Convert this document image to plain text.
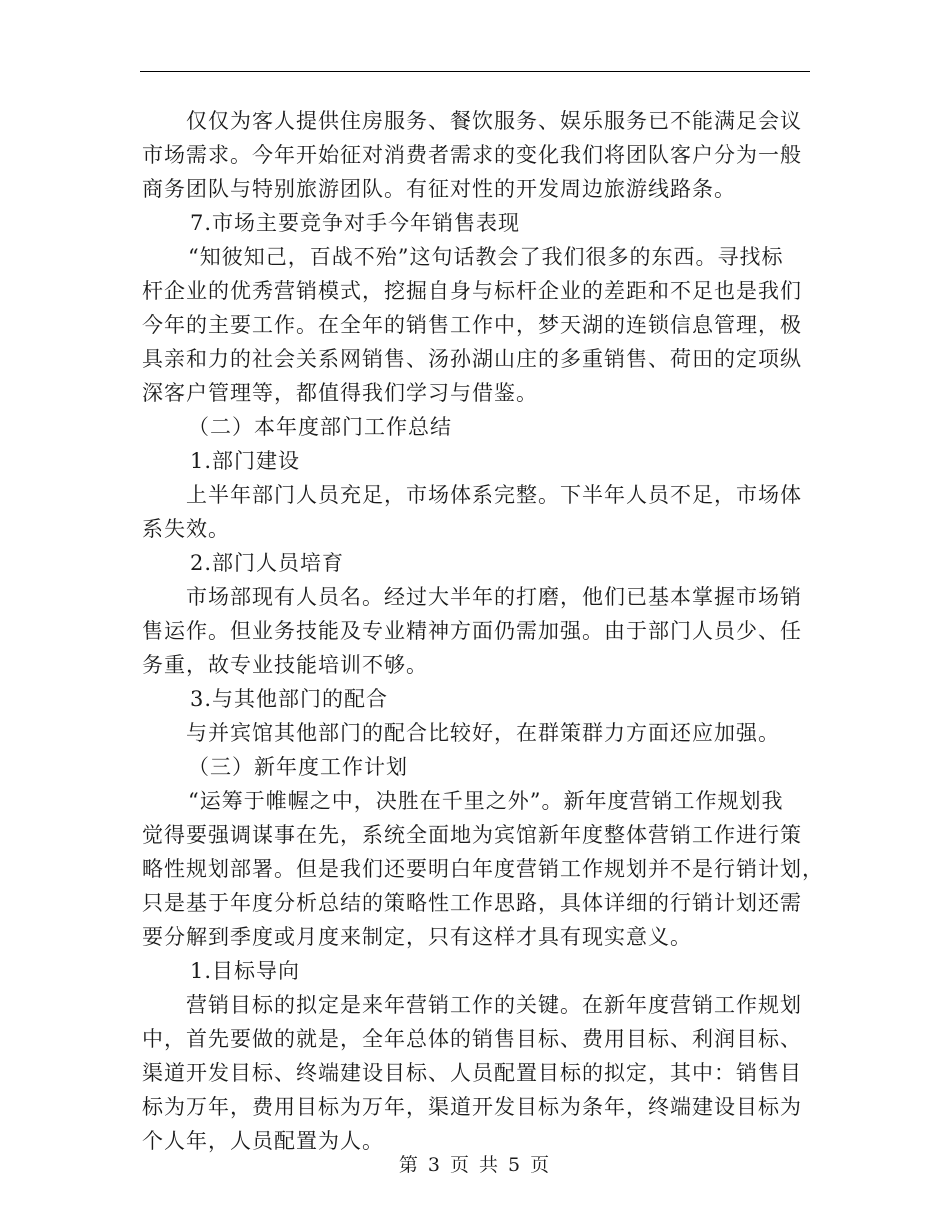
仅仅为客人提供住房服务、餐饮服务、娱乐服务已不能满足会议
市场需求。今年开始征对消费者需求的变化我们将团队客户分为一般
商务团队与特别旅游团队。有征对性的开发周边旅游线路条。
7.市场主要竞争对手今年销售表现
“知彼知己，百战不殆”这句话教会了我们很多的东西。寻找标
杆企业的优秀营销模式，挖掘自身与标杆企业的差距和不足也是我们
今年的主要工作。在全年的销售工作中，梦天湖的连锁信息管理，极
具亲和力的社会关系网销售、汤孙湖山庄的多重销售、荷田的定项纵
深客户管理等，都值得我们学习与借鉴。
（二）本年度部门工作总结
1.部门建设
上半年部门人员充足，市场体系完整。下半年人员不足，市场体
系失效。
2.部门人员培育
市场部现有人员名。经过大半年的打磨，他们已基本掌握市场销
售运作。但业务技能及专业精神方面仍需加强。由于部门人员少、任
务重，故专业技能培训不够。
3.与其他部门的配合
与并宾馆其他部门的配合比较好，在群策群力方面还应加强。
（三）新年度工作计划
“运筹于帷幄之中，决胜在千里之外”。新年度营销工作规划我
觉得要强调谋事在先，系统全面地为宾馆新年度整体营销工作进行策
略性规划部署。但是我们还要明白年度营销工作规划并不是行销计划，
只是基于年度分析总结的策略性工作思路，具体详细的行销计划还需
要分解到季度或月度来制定，只有这样才具有现实意义。
1.目标导向
营销目标的拟定是来年营销工作的关键。在新年度营销工作规划
中，首先要做的就是，全年总体的销售目标、费用目标、利润目标、
渠道开发目标、终端建设目标、人员配置目标的拟定，其中：销售目
标为万年，费用目标为万年，渠道开发目标为条年，终端建设目标为
个人年，人员配置为人。
第 3 页 共 5 页
